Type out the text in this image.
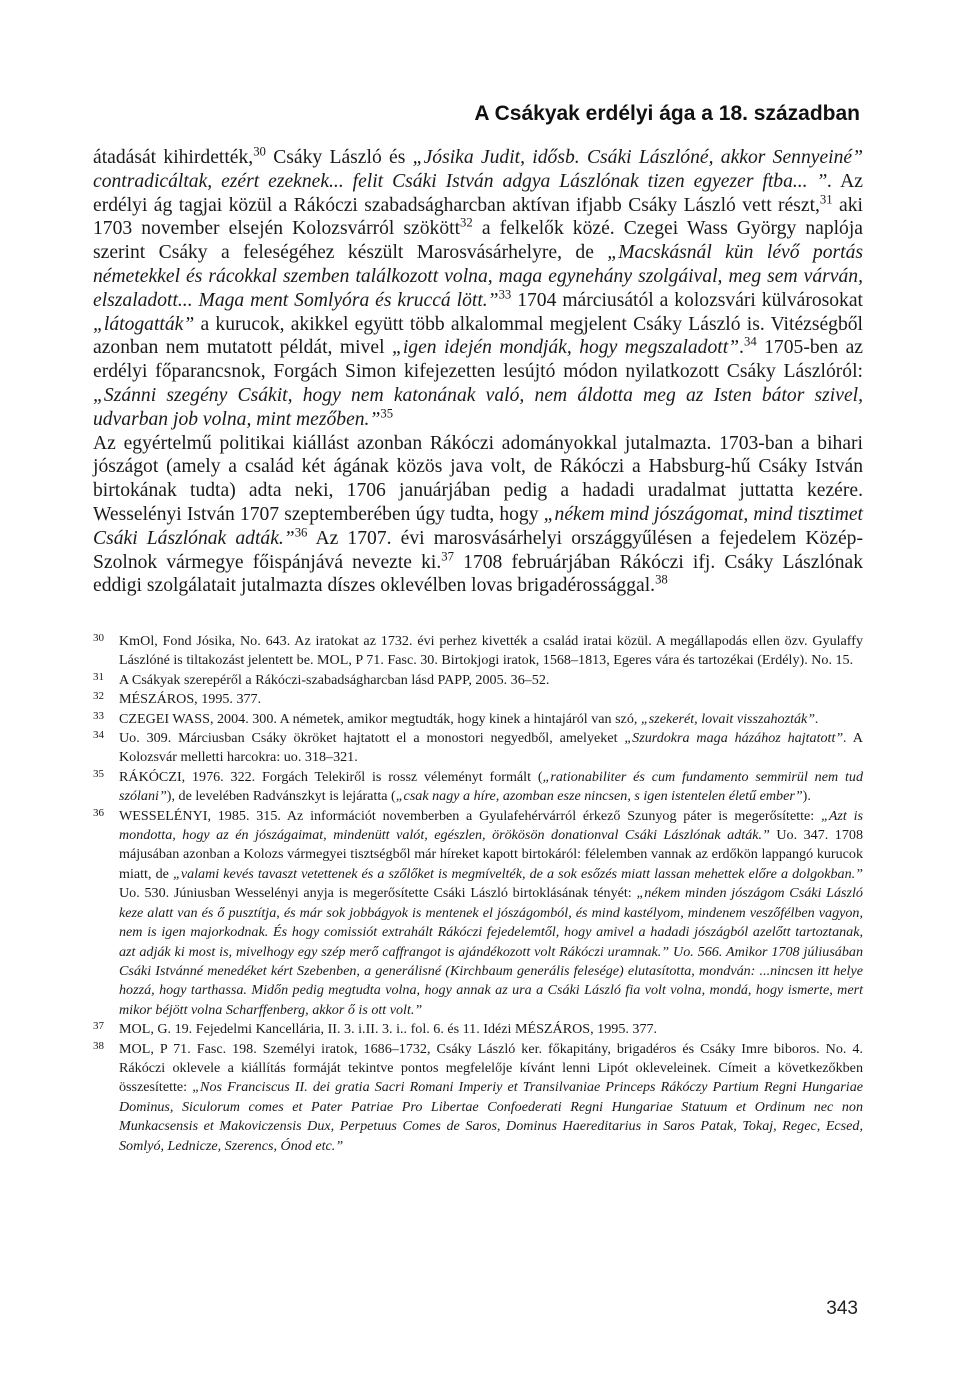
A Csákyak erdélyi ága a 18. században

átadását kihirdették,$^{30}$ Csáky László és „Jósika Judit, idősb. Csáki Lászlóné, akkor Sennyeiné” contradicáltak, ezért ezeknek... felit Csáki István adgya Lászlónak tizen egyezer ftba... ”. Az erdélyi ág tagjai közül a Rákóczi szabadságharcban aktívan ifjabb Csáky László vett részt,$^{31}$ aki 1703 november elsején Kolozsvárról szökött$^{32}$ a felkelők közé. Czegei Wass György naplója szerint Csáky a feleségéhez készült Marosvásárhelyre, de „Macskásnál kün lévő portás németekkel és rácokkal szemben találkozott volna, maga egynehány szolgáival, meg sem várván, elszaladott... Maga ment Somlyóra és kruccá lött.”$^{33}$ 1704 márciusától a kolozsvári külvárosokat „látogatták” a kurucok, akikkel együtt több alkalommal megjelent Csáky László is. Vitézségből azonban nem mutatott példát, mivel „igen idején mondják, hogy megszaladott”.$^{34}$ 1705-ben az erdélyi főparancsnok, Forgách Simon kifejezetten lesújtó módon nyilatkozott Csáky Lászlóról: „Szánni szegény Csákit, hogy nem katonának való, nem áldotta meg az Isten bátor szivel, udvarban job volna, mint mezőben.”$^{35}$

Az egyértelmű politikai kiállást azonban Rákóczi adományokkal jutalmazta. 1703-ban a bihari jószágot (amely a család két ágának közös java volt, de Rákóczi a Habsburg-hű Csáky István birtokának tudta) adta neki, 1706 januárjában pedig a hadadi uradalmat juttatta kezére. Wesselényi István 1707 szeptemberében úgy tudta, hogy „nékem mind jószágomat, mind tisztimet Csáki Lászlónak adták.”$^{36}$ Az 1707. évi marosvásárhelyi országgyűlésen a fejedelem Közép-Szolnok vármegye főispánjává nevezte ki.$^{37}$ 1708 februárjában Rákóczi ifj. Csáky Lászlónak eddigi szolgálatait jutalmazta díszes oklevélben lovas brigadérossággal.$^{38}$

30 KmOl, Fond Jósika, No. 643. Az iratokat az 1732. évi perhez kivették a család iratai közül. A megállapodás ellen özv. Gyulaffy Lászlóné is tiltakozást jelentett be. MOL, P 71. Fasc. 30. Birtokjogi iratok, 1568–1813, Egeres vára és tartozékai (Erdély). No. 15.
31 A Csákyak szerepéről a Rákóczi-szabadságharcban lásd PAPP, 2005. 36–52.
32 MÉSZÁROS, 1995. 377.
33 CZEGEI WASS, 2004. 300. A németek, amikor megtudták, hogy kinek a hintajáról van szó, „szekerét, lovait visszahozták”.
34 Uo. 309. Márciusban Csáky ökröket hajtatott el a monostori negyedből, amelyeket „Szurdokra maga házához hajtatott”. A Kolozsvár melletti harcokra: uo. 318–321.
35 RÁKÓCZI, 1976. 322. Forgách Telekiről is rossz véleményt formált („rationabiliter és cum fundamento semmirül nem tud szólani”), de levelében Radvánszkyt is lejáratta („csak nagy a híre, azomban esze nincsen, s igen istentelen életű ember”).
36 WESSELÉNYI, 1985. 315. Az információt novemberben a Gyulafehérvárról érkező Szunyog páter is megerősítette: „Azt is mondotta, hogy az én jószágaimat, mindenütt valót, egészlen, örökösön donationval Csáki Lászlónak adták.” Uo. 347. 1708 májusában azonban a Kolozs vármegyei tisztségből már híreket kapott birtokáról: félelemben vannak az erdőkön lappangó kurucok miatt, de „valami kevés tavaszt vetettenek és a szőlőket is megmívelték, de a sok esőzés miatt lassan mehettek előre a dolgokban.” Uo. 530. Júniusban Wesselényi anyja is megerősítette Csáki László birtoklásának tényét: „nékem minden jószágom Csáki László keze alatt van és ő pusztítja, és már sok jobbágyok is mentenek el jószágomból, és mind kastélyom, mindenem veszőfélben vagyon, nem is igen majorkodnak. És hogy comissiót extrahált Rákóczi fejedelemtől, hogy amivel a hadadi jószágból azelőtt tartoztanak, azt adják ki most is, mivelhogy egy szép merő caffrangot is ajándékozott volt Rákóczi uramnak.” Uo. 566. Amikor 1708 júliusában Csáki Istvánné menedéket kért Szebenben, a generálisné (Kirchbaum generális felesége) elutasította, mondván: ...nincsen itt helye hozzá, hogy tarthassa. Midőn pedig megtudta volna, hogy annak az ura a Csáki László fia volt volna, mondá, hogy ismerte, mert mikor béjött volna Scharffenberg, akkor ő is ott volt.”
37 MOL, G. 19. Fejedelmi Kancellária, II. 3. i.II. 3. i.. fol. 6. és 11. Idézi MÉSZÁROS, 1995. 377.
38 MOL, P 71. Fasc. 198. Személyi iratok, 1686–1732, Csáky László ker. főkapitány, brigadéros és Csáky Imre biboros. No. 4. Rákóczi oklevele a kiállítás formáját tekintve pontos megfelelője kívánt lenni Lipót okleveleinek. Címeit a következőkben összesítette: „Nos Franciscus II. dei gratia Sacri Romani Imperiy et Transilvaniae Princeps Rákóczy Partium Regni Hungariae Dominus, Siculorum comes et Pater Patriae Pro Libertae Confoederati Regni Hungariae Statuum et Ordinum nec non Munkacsensis et Makoviczensis Dux, Perpetuus Comes de Saros, Dominus Haereditarius in Saros Patak, Tokaj, Regec, Ecsed, Somlyó, Lednicze, Szerencs, Ónod etc.”
343
